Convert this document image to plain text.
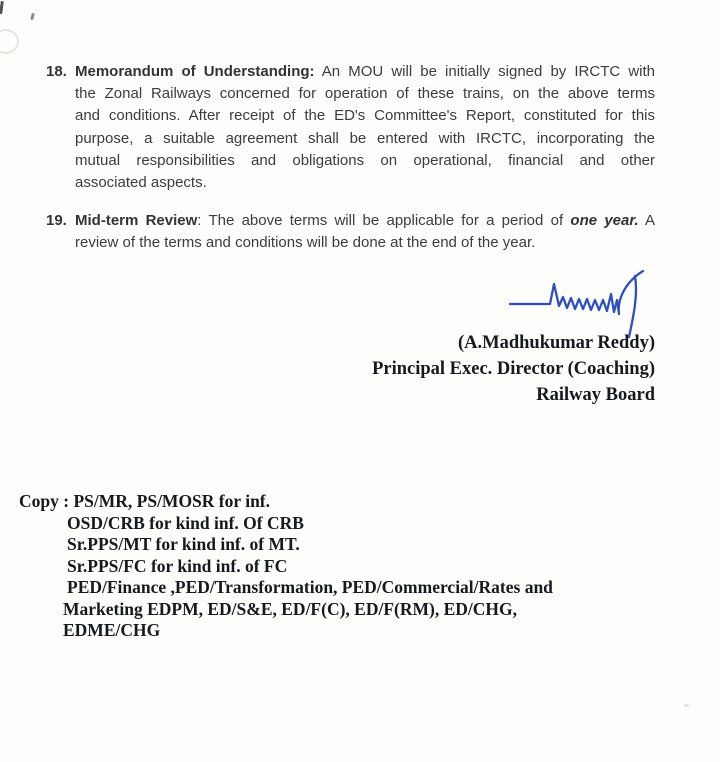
18. Memorandum of Understanding: An MOU will be initially signed by IRCTC with
the Zonal Railways concerned for operation of these trains, on the above terms
and conditions. After receipt of the ED's Committee's Report, constituted for this
purpose, a suitable agreement shall be entered with IRCTC, incorporating the
mutual responsibilities and obligations on operational, financial and other
associated aspects.
19. Mid-term Review: The above terms will be applicable for a period of one year. A
review of the terms and conditions will be done at the end of the year.
(A.Madhukumar Reddy)
Principal Exec. Director (Coaching)
Railway Board
Copy : PS/MR, PS/MOSR for inf.
OSD/CRB for kind inf. Of CRB
Sr.PPS/MT for kind inf. of MT.
Sr.PPS/FC for kind inf. of FC
PED/Finance ,PED/Transformation, PED/Commercial/Rates and
Marketing EDPM, ED/S&E, ED/F(C), ED/F(RM), ED/CHG,
EDME/CHG
